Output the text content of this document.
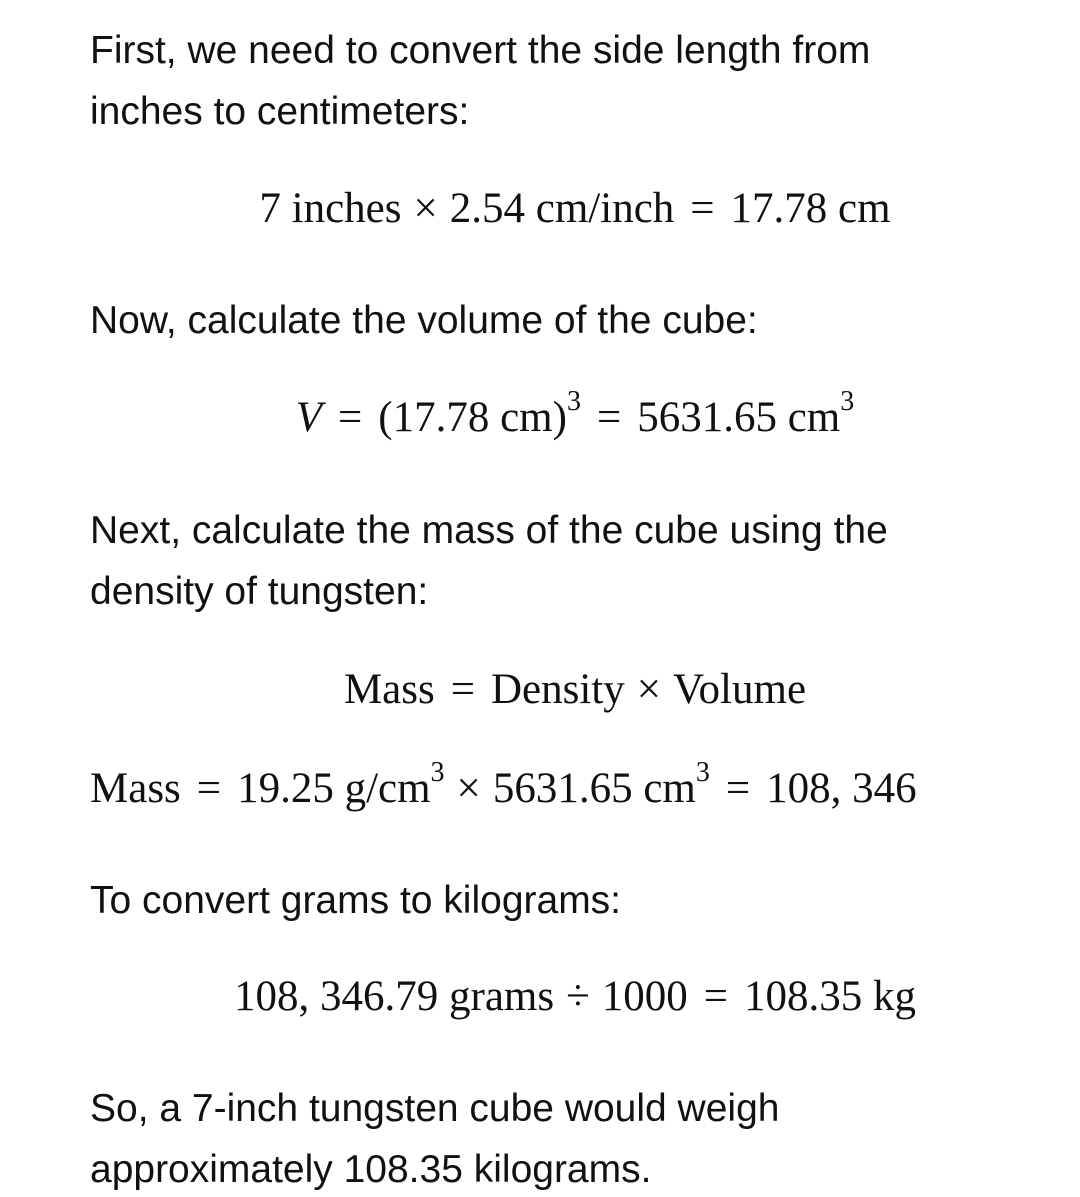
First, we need to convert the side length from
inches to centimeters:
7 inches × 2.54 cm/inch = 17.78 cm
Now, calculate the volume of the cube:
V = (17.78 cm)$^3$ = 5631.65 $cm^3$
Next, calculate the mass of the cube using the
density of tungsten:
Mass = Density × Volume
Mass = 19.25 $g/cm^3 \times 5631.65$ $cm^3 = 108$, 346
To convert grams to kilograms:
108, 346.79 grams ÷ 1000 = 108.35 kg
So, a 7-inch tungsten cube would weigh
approximately 108.35 kilograms.
